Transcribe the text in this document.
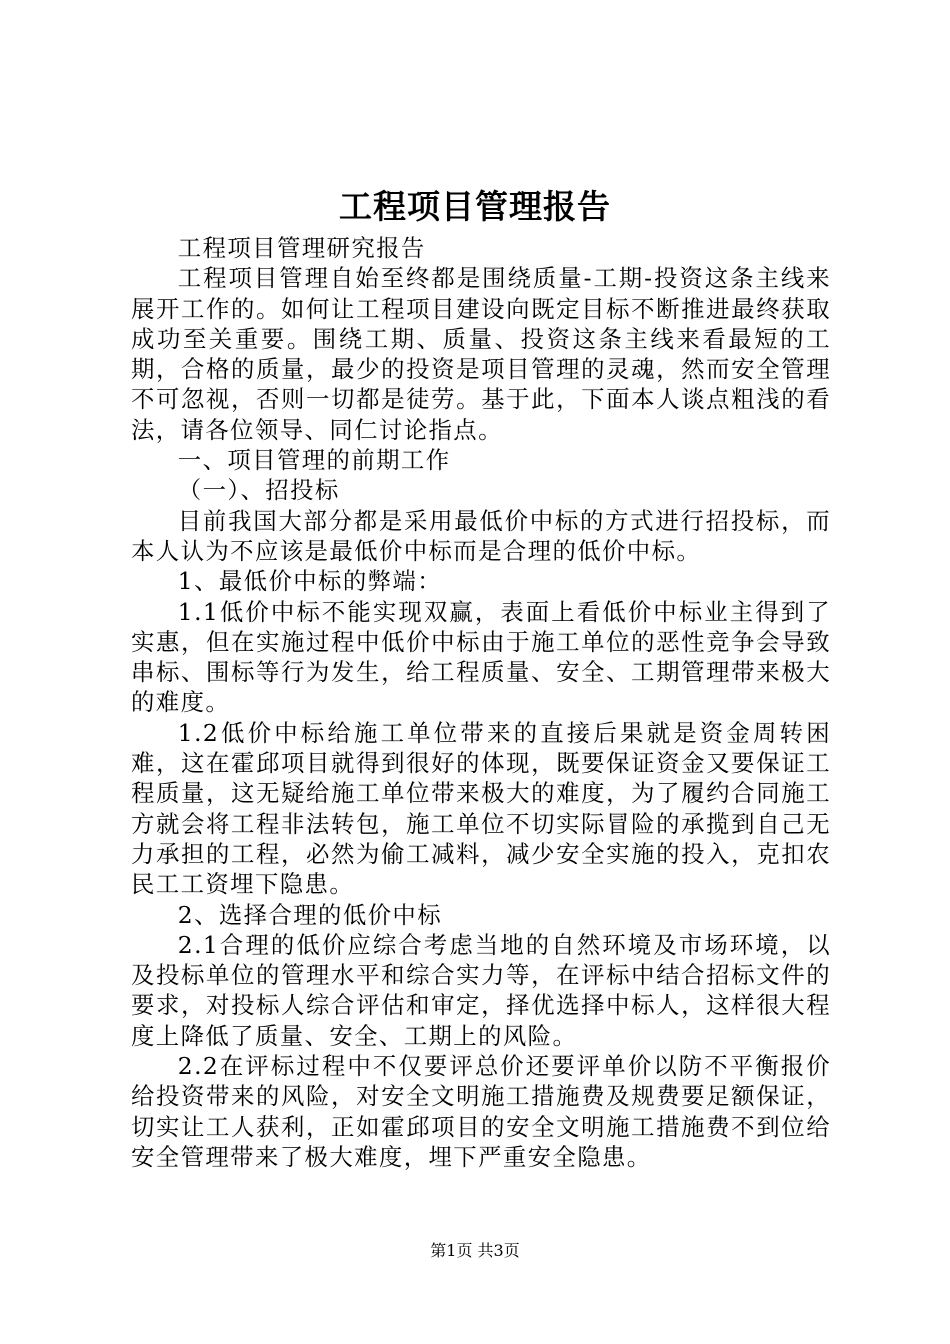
工程项目管理报告

工程项目管理研究报告

工程项目管理自始至终都是围绕质量-工期-投资这条主线来展开工作的。如何让工程项目建设向既定目标不断推进最终获取成功至关重要。围绕工期、质量、投资这条主线来看最短的工期，合格的质量，最少的投资是项目管理的灵魂，然而安全管理不可忽视，否则一切都是徒劳。基于此，下面本人谈点粗浅的看法，请各位领导、同仁讨论指点。

一、项目管理的前期工作

（一）、招投标

目前我国大部分都是采用最低价中标的方式进行招投标，而本人认为不应该是最低价中标而是合理的低价中标。

1、最低价中标的弊端：

1.1低价中标不能实现双赢，表面上看低价中标业主得到了实惠，但在实施过程中低价中标由于施工单位的恶性竞争会导致串标、围标等行为发生，给工程质量、安全、工期管理带来极大的难度。

1.2低价中标给施工单位带来的直接后果就是资金周转困难，这在霍邱项目就得到很好的体现，既要保证资金又要保证工程质量，这无疑给施工单位带来极大的难度，为了履约合同施工方就会将工程非法转包，施工单位不切实际冒险的承揽到自己无力承担的工程，必然为偷工减料，减少安全实施的投入，克扣农民工工资埋下隐患。

2、选择合理的低价中标

2.1合理的低价应综合考虑当地的自然环境及市场环境，以及投标单位的管理水平和综合实力等，在评标中结合招标文件的要求，对投标人综合评估和审定，择优选择中标人，这样很大程度上降低了质量、安全、工期上的风险。

2.2在评标过程中不仅要评总价还要评单价以防不平衡报价给投资带来的风险，对安全文明施工措施费及规费要足额保证，切实让工人获利，正如霍邱项目的安全文明施工措施费不到位给安全管理带来了极大难度，埋下严重安全隐患。

第1页 共3页
